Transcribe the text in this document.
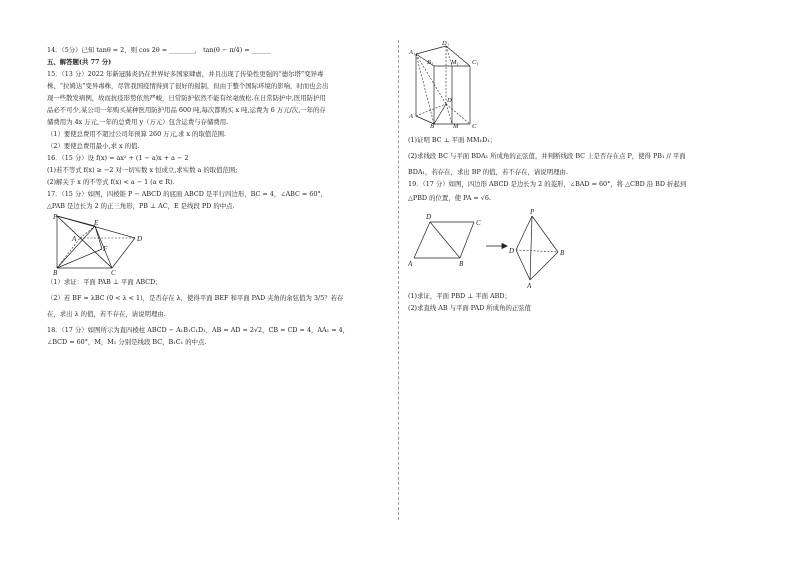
14．（5分）已知 tanθ = 2，则 cos 2θ = ________， tan(θ − π/4) = ______

五、解答题(共 77 分)

15．（13 分）2022 年新冠肺炎仍在世界好多国家肆虐，并且出现了传染性更强的“德尔塔”变异毒

株、“拉姆达”变异毒株，尽管我国疫情得到了很好的遏制，但由于整个国际环境的影响，时而也会出

现一些散发病例，故而抗疫形势依然严峻，日常防护依然不能有丝毫放松.在日常防护中,医用防护用

品必不可少,某公司一年购买某种医用防护用品 600 吨,每次都购买 x 吨,运费为 6 万元/次,一年的存

储费用为 4x 万元,一年的总费用 y（万元）包含运费与存储费用.

（1）要使总费用不超过公司年预算 260 万元,求 x 的取值范围.

（2）要使总费用最小,求 x 的值.

16．（15 分）设 f(x) = ax² + (1 − a)x + a − 2

(1)若不等式 f(x) ≥ −2 对一切实数 x 恒成立,求实数 a 的取值范围;

(2)解关于 x 的不等式 f(x) < a − 1 (a ∈ R).

17．（15 分）如图，四棱锥 P − ABCD 的底面 ABCD 是平行四边形，BC = 4，∠ABC = 60°，

△PAB 是边长为 2 的正三角形，PB ⊥ AC，E 是线段 PD 的中点.

P
E
A
F
D
B	C

（1）求证：平面 PAB ⊥ 平面 ABCD；

（2）若 BF = λBC (0 < λ < 1)，是否存在 λ，使得平面 BEF 和平面 PAD 夹角的余弦值为 3/5？若存

在，求出 λ 的值，若不存在，请说明理由.

18．（17 分）如图所示为直四棱柱 ABCD − A₁B₁C₁D₁，AB = AD = 2√2，CB = CD = 4，AA₁ = 4，

∠BCD = 60°，M，M₁ 分别是线段 BC，B₁C₁ 的中点.

D₁
A₁
B₁	M₁ C₁
D
A
B	M C

(1)证明 BC ⊥ 平面 MM₁D₁；

(2)求线段 BC 与平面 BDA₁ 所成角的正弦值，并判断线段 BC 上是否存在点 P，使得 PB₁ // 平面

BDA₁，若存在，求出 BP 的值，若不存在，请说明理由.

19．（17 分）如图，四边形 ABCD 是边长为 2 的菱形，∠BAD = 60°，将 △CBD 沿 BD 折起到

△PBD 的位置，使 PA = √6.

D
C
A	B
P
D	B
A

(1)求证，平面 PBD ⊥ 平面 ABD；

(2)求直线 AB 与平面 PAD 所成角的正弦值
